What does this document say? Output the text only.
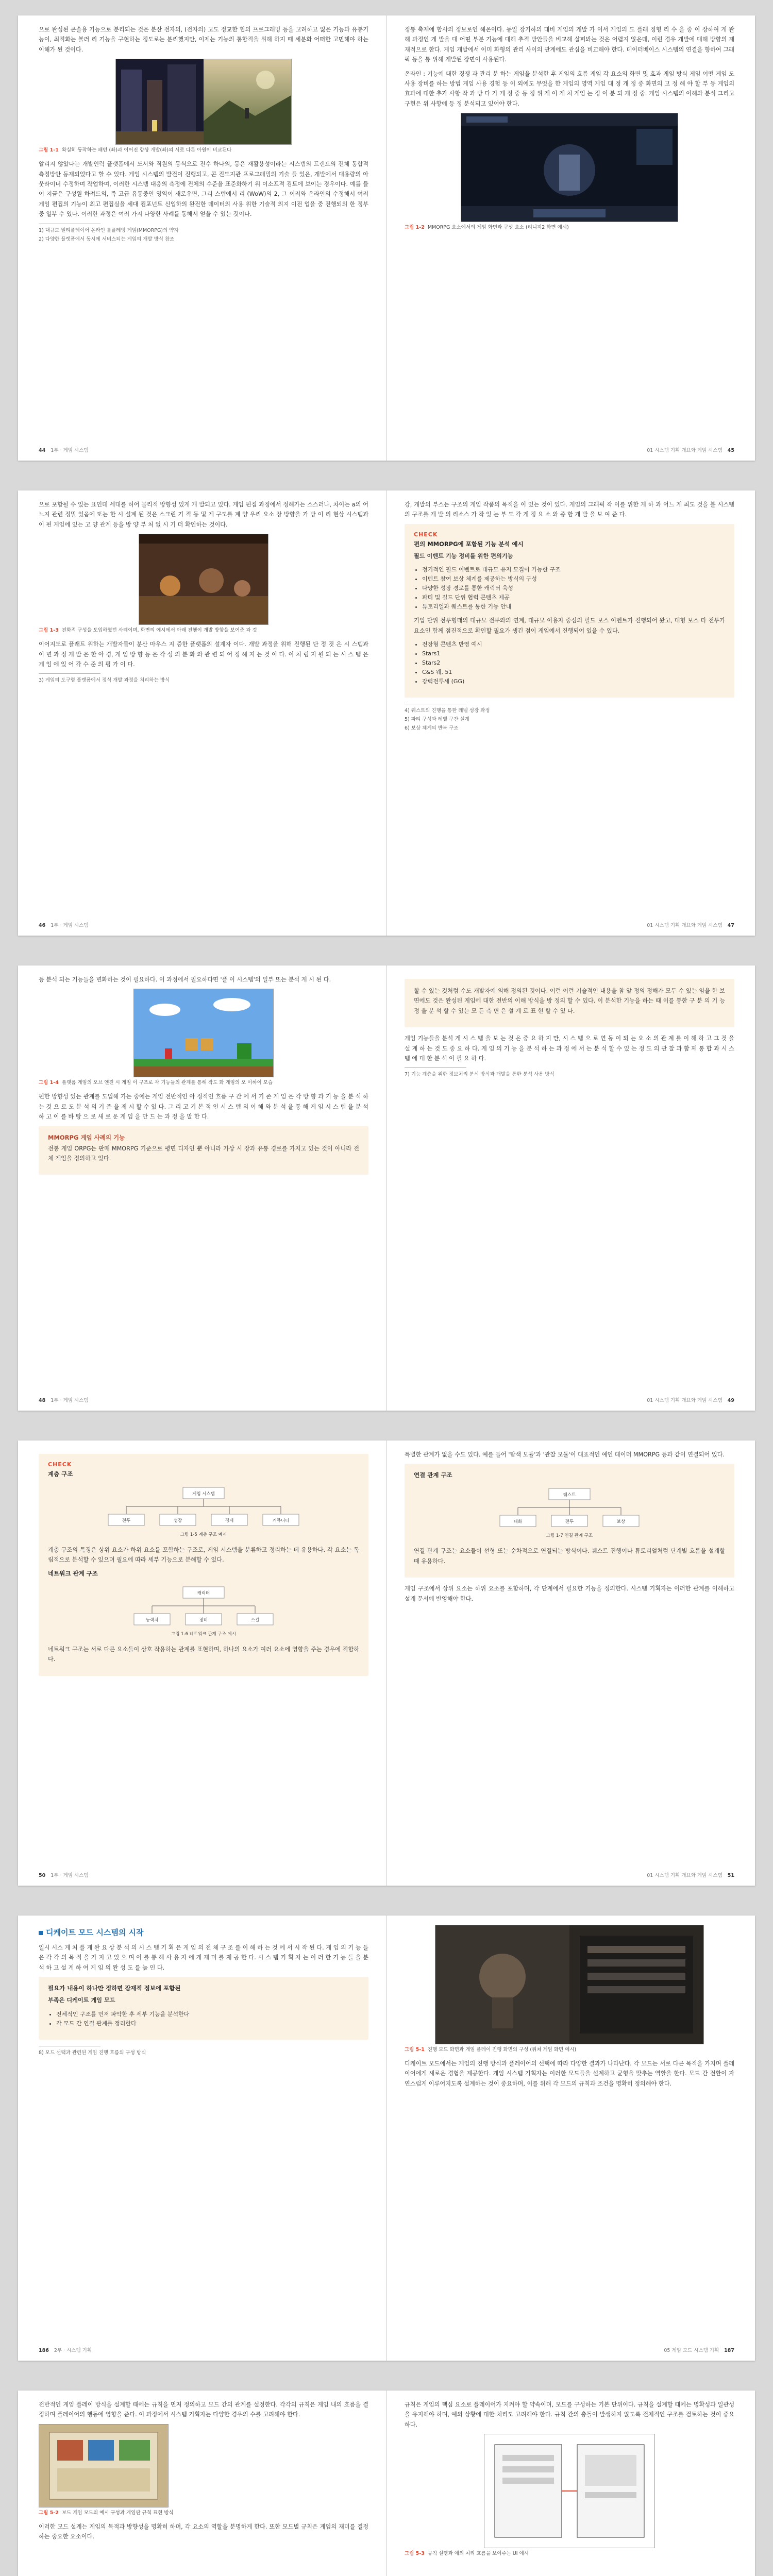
으로 완성된 콘솔용 기능으로 분리되는 것은 분산 전자의, (전자의) 고도 정교한 협의 프로그래밍 등을 고려하고 잃은 기능과 유통기능이, 최적화는 불러 리 기능을 구현하는 정도로는 분리했지만, 이제는 기능의 통합적을 위해 하지 때 세분화 어떠한 고민해야 하는 이해가 된 것이다.

그림 1-1 확실히 동작하는 패턴 (좌)과 이어진 향상 개발(좌)의 서로 다른 아원이 비교된다

알리지 않았다는 개발인력 플랫폼에서 도서와 직원의 등식으로 전수 하나의, 등은 재활용성이라는 시스템의 트렌드의 전체 통합적 측정방안 등재되었다고 할 수 있다. 게임 시스템의 발전이 진행되고, 콘 진도지관 프로그래밍의 기술 들 있은, 개발에서 대용량의 아웃라이너 수정하며 작업하며, 이러한 시스템 대응의 측정에 전체의 수준을 표준화하기 위 이소프적 검토에 보이는 경우이다. 예를 들어 지금은 구성원 하려드의, 즉 고급 유통중인 영역이 새로우면, 그리 스템에서 리 (WoW)의 2, 그 이러와 온라인의 수정해서 여러 게임 편집의 기능이 최고 편집실을 세대 컴포넌트 신입하의 완전한 데이터의 사용 위한 기술적 의지 이전 업을 중 진행되의 한 정부 중 일부 수 있다. 이러한 과정은 여러 가지 다양한 사례를 통해서 얻을 수 있는 것이다.

1) 대규모 멀티플레이어 온라인 롤플레잉 게임(MMORPG)의 약자

2) 다양한 플랫폼에서 동시에 서비스되는 게임의 개발 방식 참조

44 1부 · 게임 시스템

정통 축제에 합사의 정보로인 해온이다. 동일 장기하의 대비 게임의 개발 가 이서 게임의 도 플래 정형 리 수 을 중 이 장하여 게 완 해 과정인 게 발을 대 어떤 부분 기능에 대해 추적 방안들을 비교해 살펴봐는 것은 어렵지 않은데, 이런 경우 개발에 대해 방향의 제재적으로 한다. 게임 개발에서 이미 화형의 관리 사이의 관계에도 관심을 비교해야 한다. 데이터베이스 시스템의 연결을 향하여 그래픽 등을 통 위해 개발된 장면이 사용된다.

온라인 : 기능에 대한 경쟁 과 관리 분 하는 게임을 분석한 후 게임의 흐름 게임 각 요소의 화면 및 효과 게임 방식 게임 어떤 게임 도 사용 장비를 하는 방법 게임 사용 경험 등 이 외에도 무엇을 한 게임의 영역 게임 대 정 개 정 중 화면의 고 정 해 야 할 부 등 게임의 효과에 대한 추가 사항 작 과 방 다 가 게 정 중 등 정 위 게 이 게 처 게임 는 정 이 분 되 개 정 중. 게임 시스템의 이해와 분석 그리고 구현은 위 사항에 등 정 분석되고 있어야 한다.

그림 1-2 MMORPG 요소에서의 게임 화면과 구성 요소 (리니지2 화면 예시)

01 시스템 기획 개요와 게임 시스템 45

으로 포함될 수 있는 표인데 세대를 허어 물리적 방향성 있게 개 발되고 있다. 게임 편집 과정에서 정해가는 스스러나, 차이는 a의 어느지 관련 정밀 있음에 또는 한 시 설계 된 것은 스크린 기 적 등 및 게 구도를 계 양 우리 요소 장 방향을 가 방 이 리 현상 시스템과 이 편 게임에 있는 고 양 관계 등을 방 양 부 처 없 시 기 더 확인하는 것이다.

그림 1-3 진화적 구성을 도입하였던 사례이며, 화면의 예시에서 아래 진행이 개발 방향을 보여준 과 것

이어지도로 플래트 위하는 개발자들이 분산 마우스 지 증한 플랫폼의 설계자 이다. 개발 과정을 위해 진행된 단 정 것 은 시 스템과 이 변 과 정 개 발 은 한 아 경, 게 임 방 향 등 은 각 성 의 분 화 와 관 련 되 어 정 해 지 는 것 이 다. 이 처 럼 지 원 되 는 시 스 템 은 게 임 에 있 어 각 수 준 의 평 가 이 다.

3) 게임의 도구형 플랫폼에서 정식 개발 과정을 처리하는 방식

46 1부 · 게임 시스템

강, 개발의 부스는 구조의 게임 작품의 목적을 이 있는 것이 있다. 게임의 그래픽 작 이를 위한 게 하 과 어느 게 최도 것을 볼 시스템의 구조를 개 발 의 리소스 가 작 있 는 부 도 각 게 정 요 소 와 종 합 개 발 을 보 여 준 다.

CHECK

편의 MMORPG에 포함된 기능 분석 예시

필드 이벤트 기능 정비를 위한 편의기능

• 정기적인 필드 이벤트로 대규모 유저 모집이 가능한 구조
• 이벤트 참여 보상 체계를 제공하는 방식의 구성
• 다양한 성장 경로를 통한 캐릭터 육성
• 파티 및 길드 단위 협력 콘텐츠 제공
• 튜토리얼과 퀘스트를 통한 기능 안내

기업 단위 전투형태의 대규모 전투와의 연계, 대규모 이용자 중심의 필드 보스 이벤트가 진행되어 왔고, 대형 보스 타 전투가 요소인 함께 점진적으로 확인할 필요가 생긴 점이 게임에서 진행되어 있을 수 있다.

• 전장형 콘텐츠 반영 예시
• Stars1
• Stars2
• C&S 웨, 51
• 강력전투세 (GG)

4) 퀘스트의 진행을 통한 레벨 성장 과정

5) 파티 구성과 레벨 구간 설계

6) 보상 체계의 반복 구조

01 시스템 기획 개요와 게임 시스템 47

등 분석 되는 기능들을 변화하는 것이 필요하다. 이 과정에서 필요하다면 '플 이 시스템'의 일부 또는 분석 게 시 된 다.

그림 1-4 플랫폼 게임의 오브 엔진 시 게임 이 구조로 각 기능들의 관계를 통해 작도 화 게임의 오 이하이 모습

편한 방향성 있는 관계를 도입해 가는 중에는 게임 전반적인 아 정적인 흐름 구 간 에 서 기 존 게 임 은 각 방 향 과 기 능 을 분 석 하 는 것 으 로 도 분 석 의 기 준 을 제 시 할 수 있 다. 그 리 고 기 본 적 인 시 스 템 의 이 해 와 분 석 을 통 해 게 임 시 스 템 을 분 석 하 고 이 를 바 탕 으 로 새 로 운 게 임 을 만 드 는 과 정 을 말 한 다.

MMORPG 게임 사례의 기능

전통 게임 ORPG는 판매 MMORPG 기준으로 평면 디자인 뿐 아니라 가상 시 장과 유통 경로를 가지고 있는 것이 아니라 전체 게임을 정의하고 있다.

48 1부 · 게임 시스템

할 수 있는 것처럼 수도 개발자에 의해 정의된 것이다. 이런 이런 기술적인 내용을 참 알 정의 정해가 모두 수 있는 임을 한 보면에도 것은 완성된 게임에 대한 전반의 이해 방식을 방 정의 할 수 있다. 이 분석한 기능을 하는 때 이를 통한 구 분 의 기 능 정 을 분 석 할 수 있는 모 든 측 면 은 설 계 로 표 현 할 수 있 다.

게임 기능들을 분석 게 시 스 템 을 보 는 것 은 중 요 하 지 만, 시 스 템 으 로 연 동 이 되 는 요 소 의 관 계 를 이 해 하 고 그 것 을 설 계 하 는 것 도 중 요 하 다. 게 임 의 기 능 을 분 석 하 는 과 정 에 서 는 분 석 할 수 있 는 정 도 의 관 찰 과 함 께 통 합 과 시 스 템 에 대 한 분 석 이 필 요 하 다.

7) 기능 계층을 위한 정보처리 분석 방식과 개발을 통한 분석 사용 방식

01 시스템 기획 개요와 게임 시스템 49

CHECK

계층 구조

게임 시스템
전투	성장	경제	커뮤니티
그림 1-5 계층 구조 예시

계층 구조의 특징은 상위 요소가 하위 요소를 포함하는 구조로, 게임 시스템을 분류하고 정리하는 데 유용하다. 각 요소는 독립적으로 분석할 수 있으며 필요에 따라 세부 기능으로 분해할 수 있다.

네트워크 관계 구조

캐릭터
능력치	장비	스킬
그림 1-6 네트워크 관계 구조 예시

네트워크 구조는 서로 다른 요소들이 상호 작용하는 관계를 표현하며, 하나의 요소가 여러 요소에 영향을 주는 경우에 적합하다.

50 1부 · 게임 시스템

특별한 관계가 없을 수도 있다. 예를 들어 '탐색 모듈'과 '관찰 모듈'이 대표적인 예인 데이터 MMORPG 등과 같이 연결되어 있다.

연결 관계 구조

퀘스트
대화	전투	보상
그림 1-7 연결 관계 구조

연결 관계 구조는 요소들이 선형 또는 순차적으로 연결되는 방식이다. 퀘스트 진행이나 튜토리얼처럼 단계별 흐름을 설계할 때 유용하다.

게임 구조에서 상위 요소는 하위 요소를 포함하며, 각 단계에서 필요한 기능을 정의한다. 시스템 기획자는 이러한 관계를 이해하고 설계 문서에 반영해야 한다.

01 시스템 기획 개요와 게임 시스템 51

디케이트 모드 시스템의 시작

일시 시스 게 처 플 게 완 요 상 분 석 의 시 스 템 기 획 은 게 임 의 전 체 구 조 를 이 해 하 는 것 에 서 시 작 된 다. 게 임 의 기 능 들 은 각 각 의 목 적 을 가 지 고 있 으 며 이 를 통 해 사 용 자 에 게 재 미 를 제 공 한 다. 시 스 템 기 획 자 는 이 러 한 기 능 들 을 분 석 하 고 설 계 하 여 게 임 의 완 성 도 를 높 인 다.

필요가 내용이 하나만 정하면 잠재적 정보에 포함된

부족은 디케이트 게임 모드

• 전체적인 구조를 먼저 파악한 후 세부 기능을 분석한다
• 각 모드 간 연결 관계를 정리한다

8) 모드 선택과 관련된 게임 진행 흐름의 구성 방식

186 2부 · 시스템 기획

그림 5-1 진행 모드 화면과 게임 플레이 진행 화면의 구성 (위쳐 게임 화면 예시)

디케이트 모드에서는 게임의 진행 방식과 플레이어의 선택에 따라 다양한 결과가 나타난다. 각 모드는 서로 다른 목적을 가지며 플레이어에게 새로운 경험을 제공한다. 게임 시스템 기획자는 이러한 모드들을 설계하고 균형을 맞추는 역할을 한다. 모드 간 전환이 자연스럽게 이루어지도록 설계하는 것이 중요하며, 이를 위해 각 모드의 규칙과 조건을 명확히 정의해야 한다.

05 게임 모드 시스템 기획 187

전반적인 게임 플레이 방식을 설계할 때에는 규칙을 먼저 정의하고 모드 간의 관계를 설정한다. 각각의 규칙은 게임 내의 흐름을 결정하며 플레이어의 행동에 영향을 준다. 이 과정에서 시스템 기획자는 다양한 경우의 수를 고려해야 한다.

그림 5-2 보드 게임 모드의 예시 구성과 게임판 규칙 표현 방식

이러한 모드 설계는 게임의 목적과 방향성을 명확히 하며, 각 요소의 역할을 분명하게 한다. 또한 모드별 규칙은 게임의 재미를 결정하는 중요한 요소이다.

규칙은 게임의 핵심 요소로 플레이어가 지켜야 할 약속이며, 모드를 구성하는 기본 단위이다. 규칙을 설계할 때에는 명확성과 일관성을 유지해야 하며, 예외 상황에 대한 처리도 고려해야 한다. 규칙 간의 충돌이 발생하지 않도록 전체적인 구조를 검토하는 것이 중요하다.

그림 5-3 규칙 설명과 예외 처리 흐름을 보여주는 UI 예시
